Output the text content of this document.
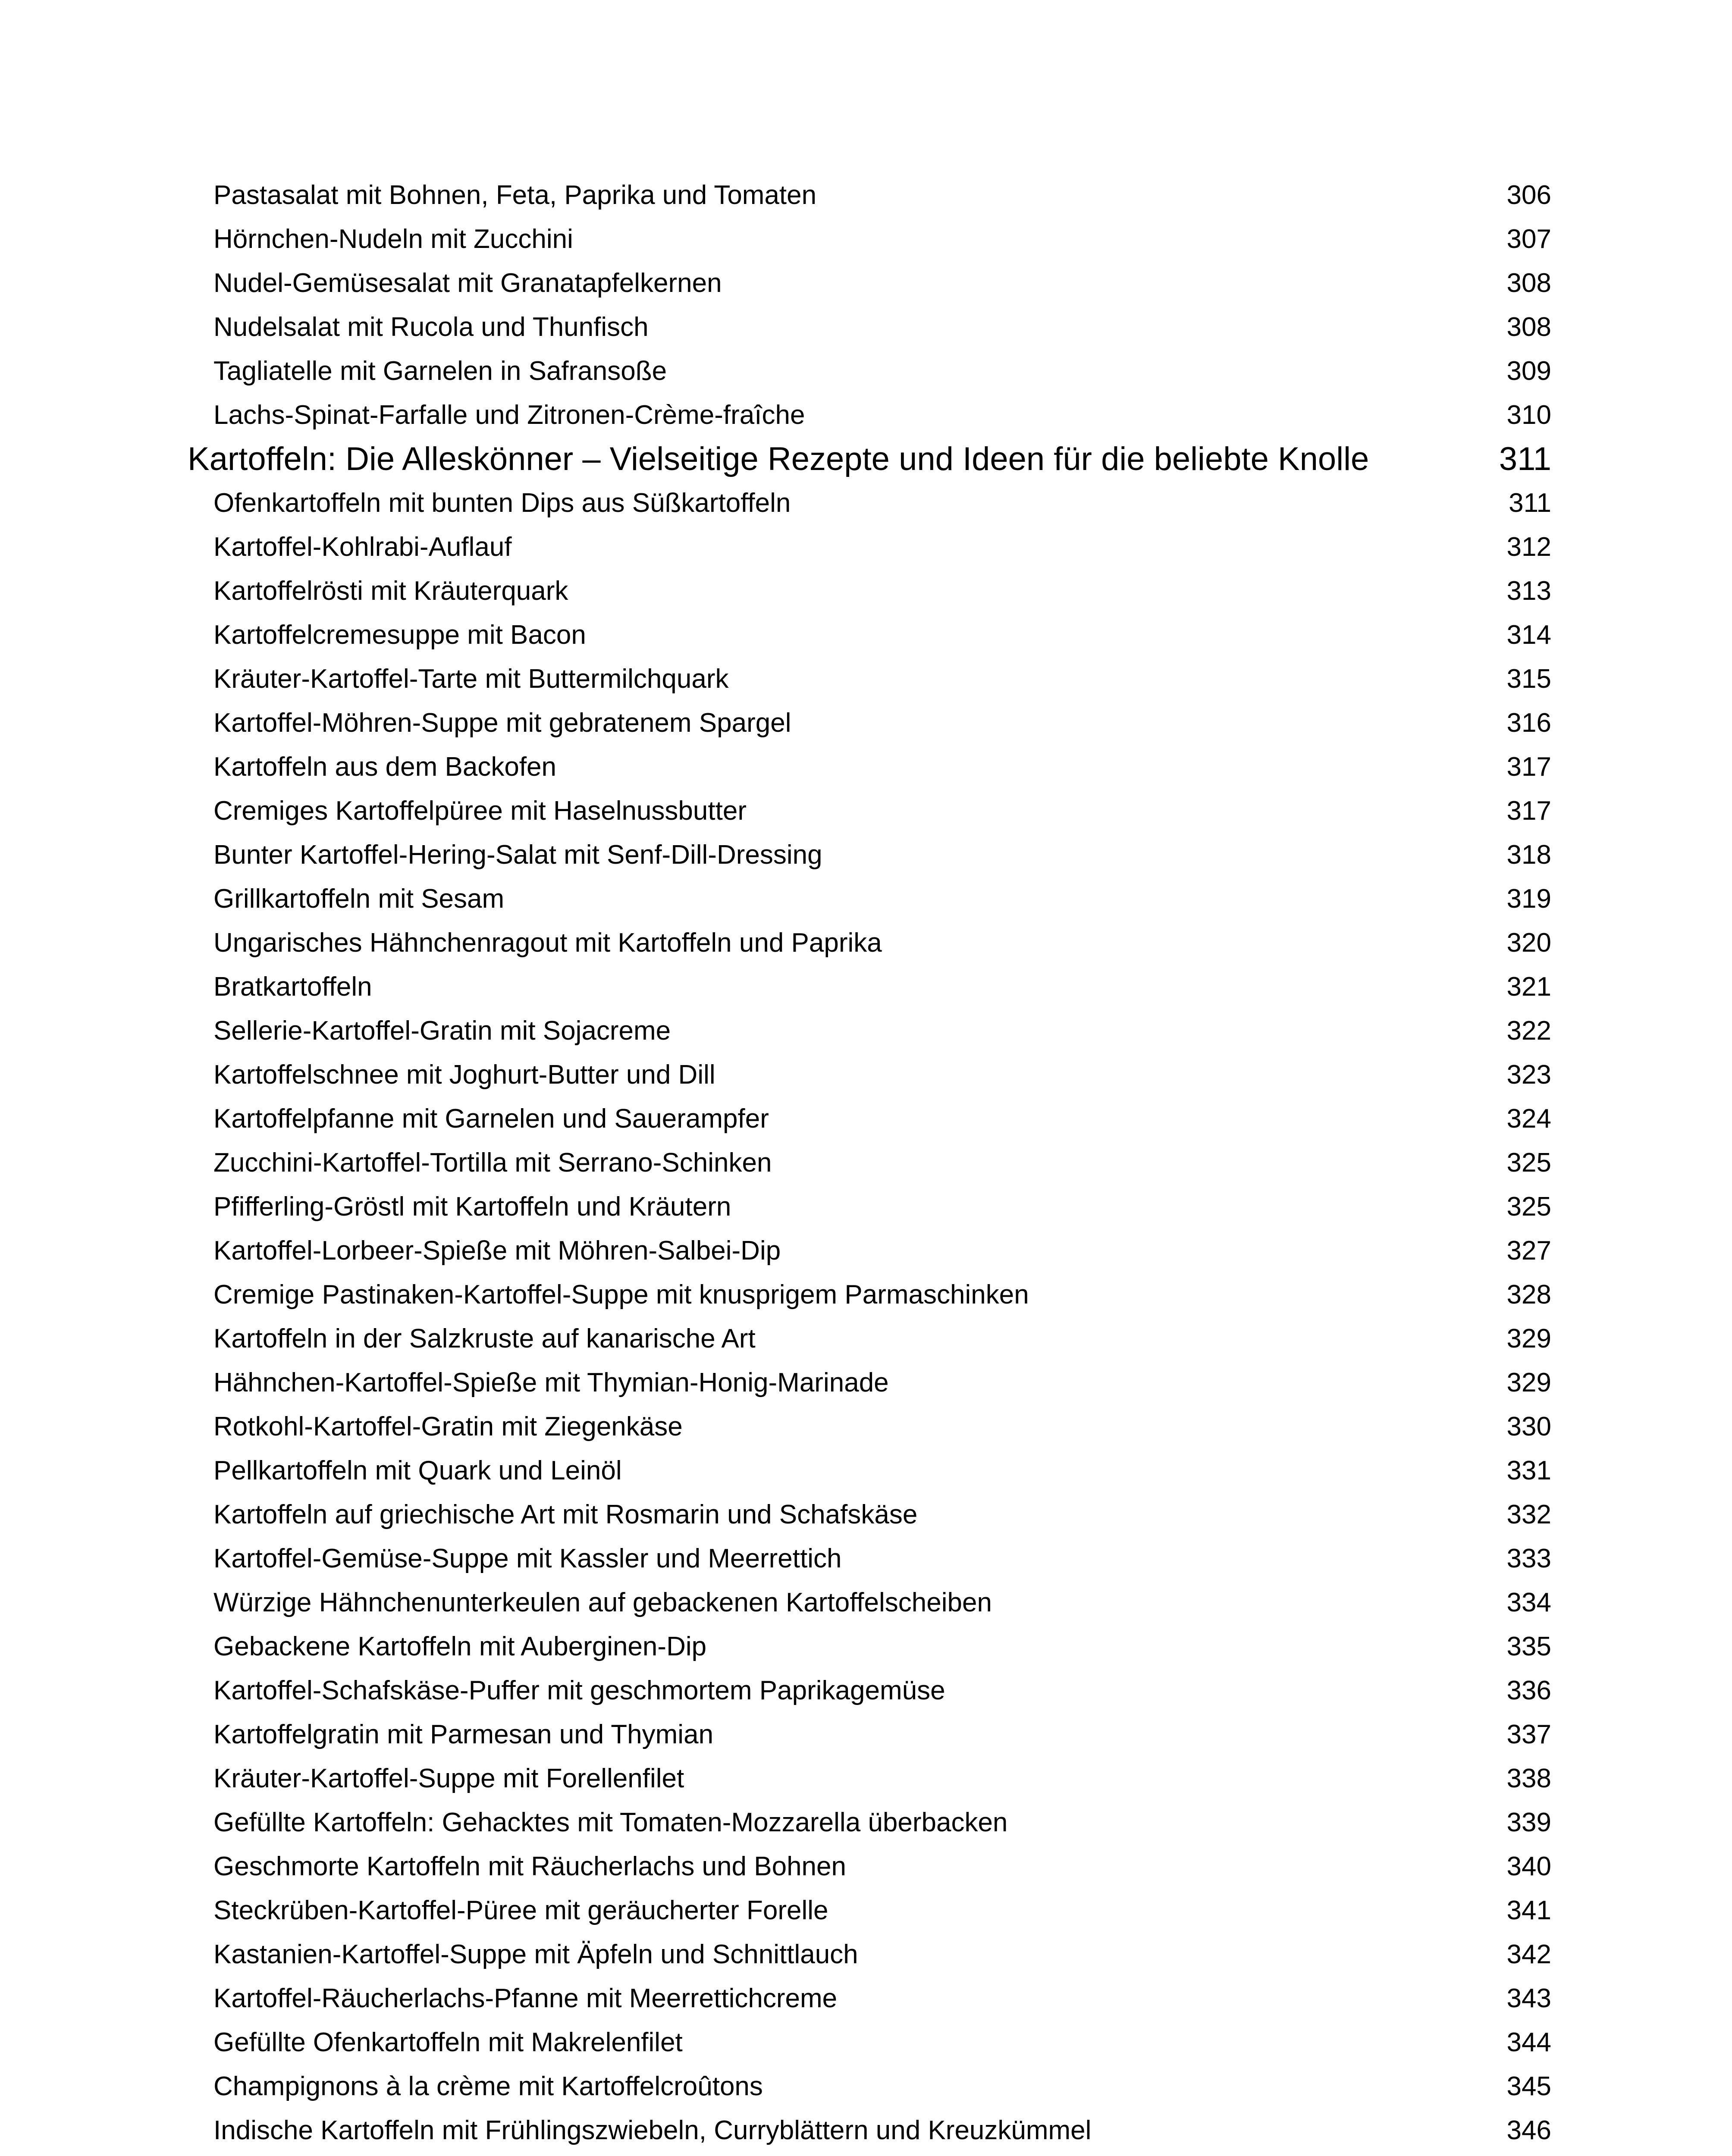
Pastasalat mit Bohnen, Feta, Paprika und Tomaten	306
Hörnchen-Nudeln mit Zucchini	307
Nudel-Gemüsesalat mit Granatapfelkernen	308
Nudelsalat mit Rucola und Thunfisch	308
Tagliatelle mit Garnelen in Safransoße	309
Lachs-Spinat-Farfalle und Zitronen-Crème-fraîche	310
Kartoffeln: Die Alleskönner – Vielseitige Rezepte und Ideen für die beliebte Knolle	311
Ofenkartoffeln mit bunten Dips aus Süßkartoffeln	311
Kartoffel-Kohlrabi-Auflauf	312
Kartoffelrösti mit Kräuterquark	313
Kartoffelcremesuppe mit Bacon	314
Kräuter-Kartoffel-Tarte mit Buttermilchquark	315
Kartoffel-Möhren-Suppe mit gebratenem Spargel	316
Kartoffeln aus dem Backofen	317
Cremiges Kartoffelpüree mit Haselnussbutter	317
Bunter Kartoffel-Hering-Salat mit Senf-Dill-Dressing	318
Grillkartoffeln mit Sesam	319
Ungarisches Hähnchenragout mit Kartoffeln und Paprika	320
Bratkartoffeln	321
Sellerie-Kartoffel-Gratin mit Sojacreme	322
Kartoffelschnee mit Joghurt-Butter und Dill	323
Kartoffelpfanne mit Garnelen und Sauerampfer	324
Zucchini-Kartoffel-Tortilla mit Serrano-Schinken	325
Pfifferling-Gröstl mit Kartoffeln und Kräutern	325
Kartoffel-Lorbeer-Spieße mit Möhren-Salbei-Dip	327
Cremige Pastinaken-Kartoffel-Suppe mit knusprigem Parmaschinken	328
Kartoffeln in der Salzkruste auf kanarische Art	329
Hähnchen-Kartoffel-Spieße mit Thymian-Honig-Marinade	329
Rotkohl-Kartoffel-Gratin mit Ziegenkäse	330
Pellkartoffeln mit Quark und Leinöl	331
Kartoffeln auf griechische Art mit Rosmarin und Schafskäse	332
Kartoffel-Gemüse-Suppe mit Kassler und Meerrettich	333
Würzige Hähnchenunterkeulen auf gebackenen Kartoffelscheiben	334
Gebackene Kartoffeln mit Auberginen-Dip	335
Kartoffel-Schafskäse-Puffer mit geschmortem Paprikagemüse	336
Kartoffelgratin mit Parmesan und Thymian	337
Kräuter-Kartoffel-Suppe mit Forellenfilet	338
Gefüllte Kartoffeln: Gehacktes mit Tomaten-Mozzarella überbacken	339
Geschmorte Kartoffeln mit Räucherlachs und Bohnen	340
Steckrüben-Kartoffel-Püree mit geräucherter Forelle	341
Kastanien-Kartoffel-Suppe mit Äpfeln und Schnittlauch	342
Kartoffel-Räucherlachs-Pfanne mit Meerrettichcreme	343
Gefüllte Ofenkartoffeln mit Makrelenfilet	344
Champignons à la crème mit Kartoffelcroûtons	345
Indische Kartoffeln mit Frühlingszwiebeln, Curryblättern und Kreuzkümmel	346
